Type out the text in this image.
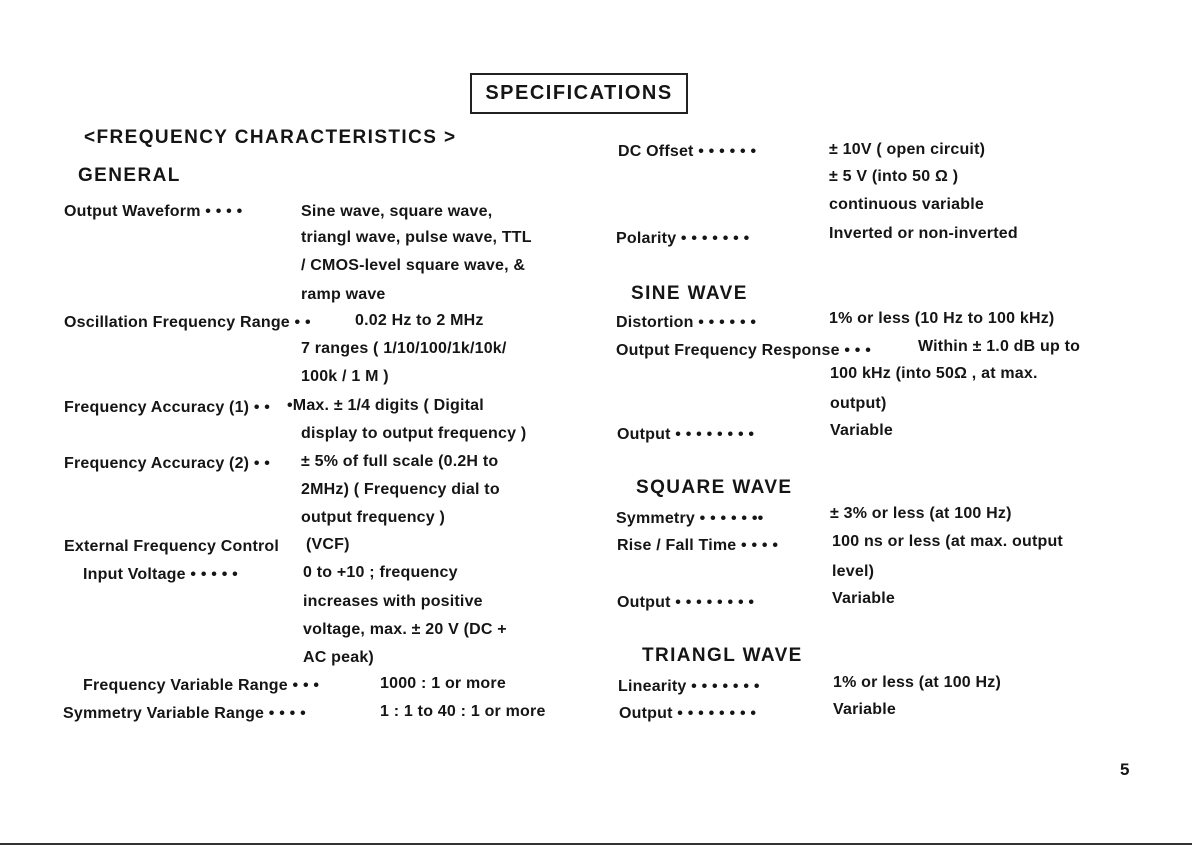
SPECIFICATIONS
<FREQUENCY CHARACTERISTICS >
GENERAL
Output Waveform • • • •	Sine wave, square wave,
triangl wave, pulse wave, TTL
/ CMOS-level square wave, &
ramp wave
Oscillation Frequency Range • •	0.02 Hz to 2 MHz
7 ranges ( 1/10/100/1k/10k/
100k / 1 M )
Frequency Accuracy (1) • • •Max. ± 1/4 digits ( Digital
display to output frequency )
Frequency Accuracy (2) • • ± 5% of full scale (0.2H to
2MHz) ( Frequency dial to
output frequency )
External Frequency Control (VCF)
Input Voltage • • • • •	0 to +10 ; frequency
increases with positive
voltage, max. ± 20 V (DC +
AC peak)
Frequency Variable Range • • •	1000 : 1 or more
Symmetry Variable Range • • • •	1 : 1 to 40 : 1 or more
DC Offset • • • • • •	± 10V ( open circuit)
± 5 V (into 50 Ω )
continuous variable
Polarity • • • • • • •	Inverted or non-inverted
SINE WAVE
Distortion • • • • • •	1% or less (10 Hz to 100 kHz)
Output Frequency Response • • •	Within ± 1.0 dB up to
100 kHz (into 50Ω , at max.
output)
Output • • • • • • • •	Variable
SQUARE WAVE
Symmetry • • • • • ••	± 3% or less (at 100 Hz)
Rise / Fall Time • • • •	100 ns or less (at max. output
level)
Output • • • • • • • •	Variable
TRIANGL WAVE
Linearity • • • • • • •	1% or less (at 100 Hz)
Output • • • • • • • •	Variable
5
